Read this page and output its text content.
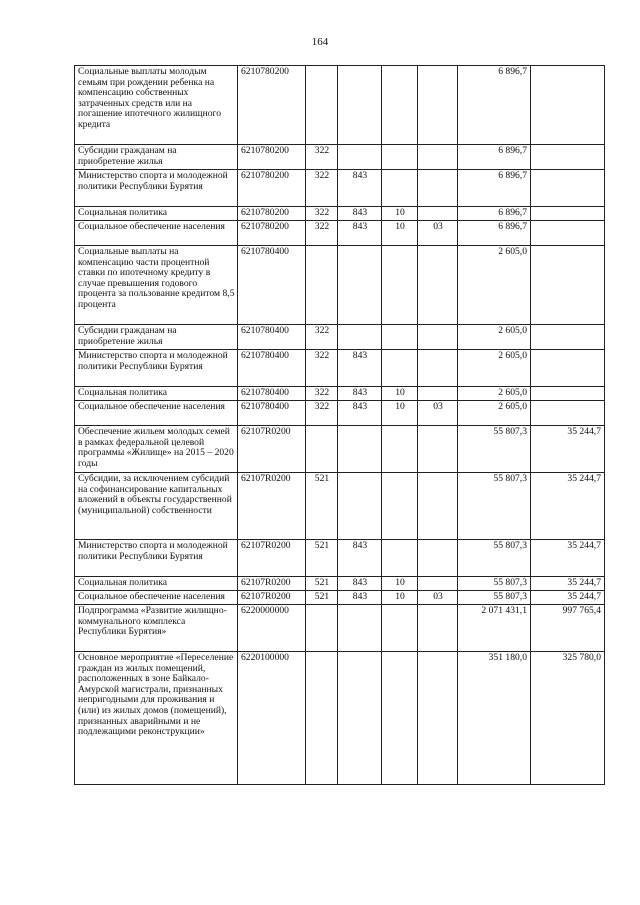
164
Социальные выплаты молодым семьям при рождении ребенка на компенсацию собственных затраченных средств или на погашение ипотечного жилищного кредита	6210780200					6 896,7	
Субсидии гражданам на приобретение жилья	6210780200	322				6 896,7	
Министерство спорта и молодежной политики Республики Бурятия	6210780200	322	843			6 896,7	
Социальная политика	6210780200	322	843	10		6 896,7	
Социальное обеспечение населения	6210780200	322	843	10	03	6 896,7	
Социальные выплаты на компенсацию части процентной ставки по ипотечному кредиту в случае превышения годового процента за пользование кредитом 8,5 процента	6210780400					2 605,0	
Субсидии гражданам на приобретение жилья	6210780400	322				2 605,0	
Министерство спорта и молодежной политики Республики Бурятия	6210780400	322	843			2 605,0	
Социальная политика	6210780400	322	843	10		2 605,0	
Социальное обеспечение населения	6210780400	322	843	10	03	2 605,0	
Обеспечение жильем молодых семей в рамках федеральной целевой программы «Жилище» на 2015 – 2020 годы	62107R0200					55 807,3	35 244,7
Субсидии, за исключением субсидий на софинансирование капитальных вложений в объекты государственной (муниципальной) собственности	62107R0200	521				55 807,3	35 244,7
Министерство спорта и молодежной политики Республики Бурятия	62107R0200	521	843			55 807,3	35 244,7
Социальная политика	62107R0200	521	843	10		55 807,3	35 244,7
Социальное обеспечение населения	62107R0200	521	843	10	03	55 807,3	35 244,7
Подпрограмма «Развитие жилищно-коммунального комплекса Республики Бурятия»	6220000000					2 071 431,1	997 765,4
Основное мероприятие «Переселение граждан из жилых помещений, расположенных в зоне Байкало-Амурской магистрали, признанных непригодными для проживания и (или) из жилых домов (помещений), признанных аварийными и не подлежащими реконструкции»	6220100000					351 180,0	325 780,0
